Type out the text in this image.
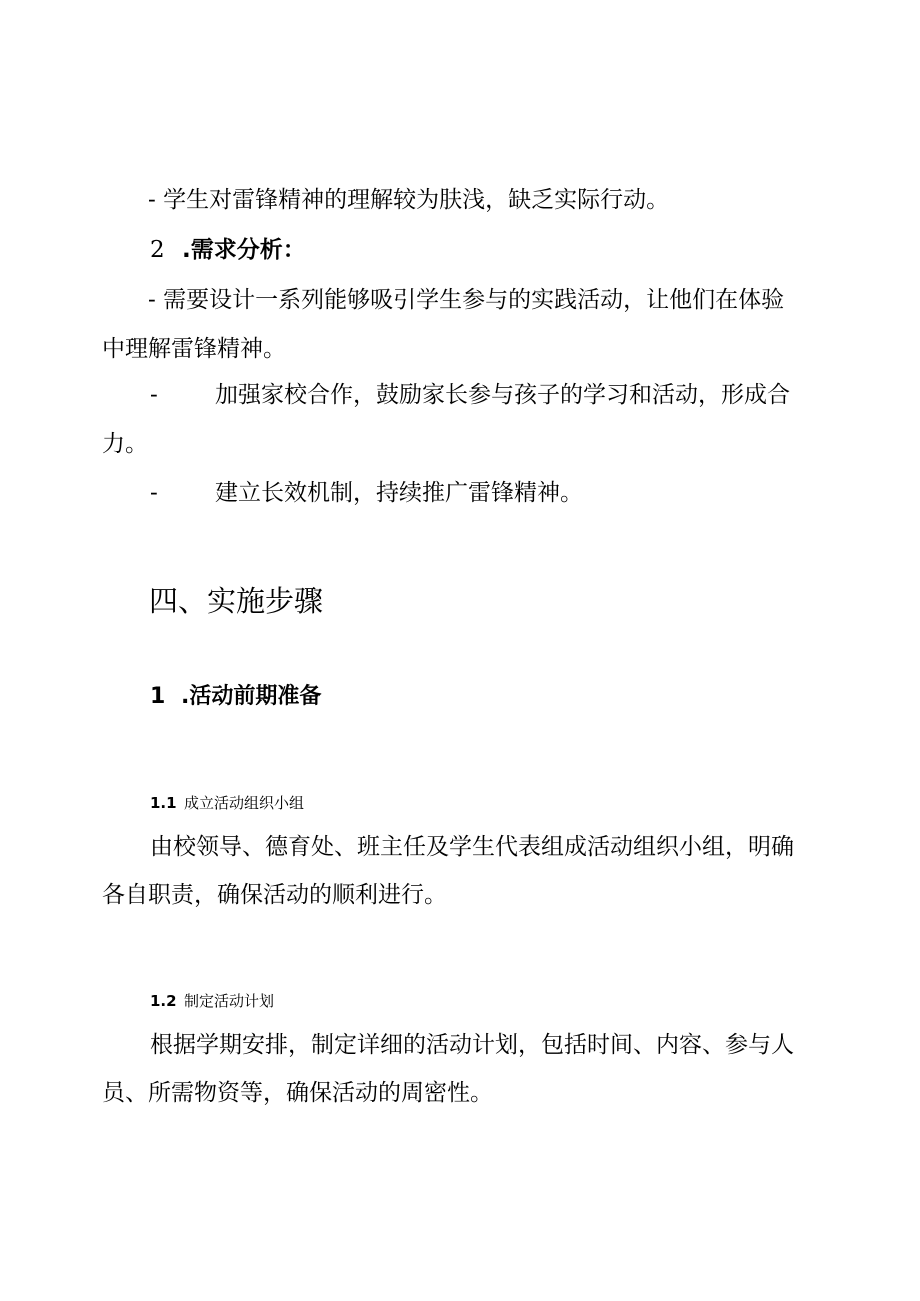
- 学生对雷锋精神的理解较为肤浅，缺乏实际行动。
2 .需求分析：
- 需要设计一系列能够吸引学生参与的实践活动，让他们在体验
中理解雷锋精神。
- 加强家校合作，鼓励家长参与孩子的学习和活动，形成合
力。
- 建立长效机制，持续推广雷锋精神。
四、实施步骤
1 .活动前期准备
1.1 成立活动组织小组
由校领导、德育处、班主任及学生代表组成活动组织小组，明确
各自职责，确保活动的顺利进行。
1.2 制定活动计划
根据学期安排，制定详细的活动计划，包括时间、内容、参与人
员、所需物资等，确保活动的周密性。
